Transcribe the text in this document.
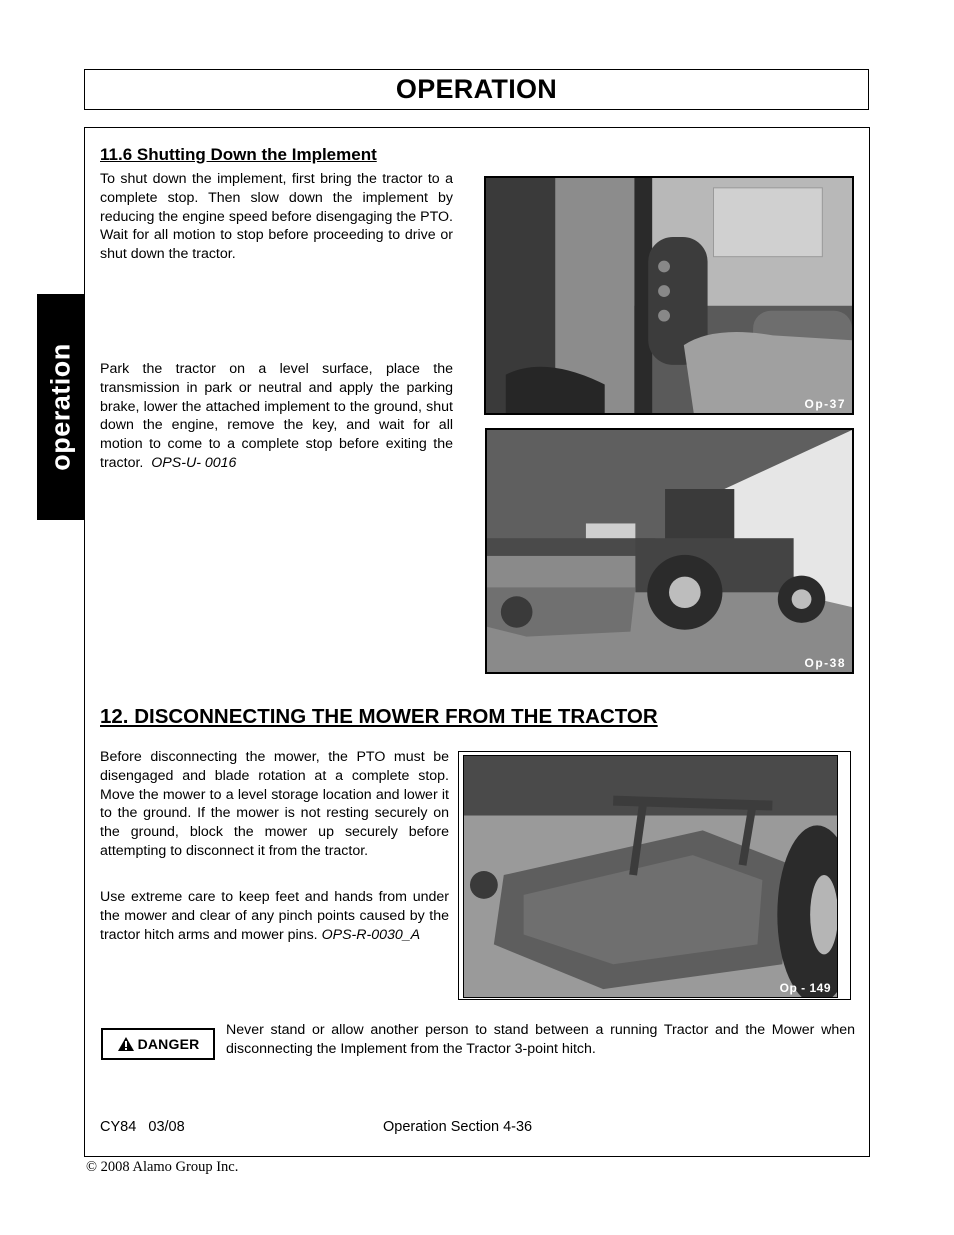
OPERATION
operation
11.6 Shutting Down the Implement
To shut down the implement, first bring the tractor to a complete stop. Then slow down the implement by reducing the engine speed before disengaging the PTO. Wait for all motion to stop before proceeding to drive or shut down the tractor.
Park the tractor on a level surface, place the transmission in park or neutral and apply the parking brake, lower the attached implement to the ground, shut down the engine, remove the key, and wait for all motion to come to a complete stop before exiting the tractor. OPS-U- 0016
Op-37
Op-38
12. DISCONNECTING THE MOWER FROM THE TRACTOR
Before disconnecting the mower, the PTO must be disengaged and blade rotation at a complete stop. Move the mower to a level storage location and lower it to the ground. If the mower is not resting securely on the ground, block the mower up securely before attempting to disconnect it from the tractor.
Use extreme care to keep feet and hands from under the mower and clear of any pinch points caused by the tractor hitch arms and mower pins. OPS-R-0030_A
Op - 149
DANGER
Never stand or allow another person to stand between a running Tractor and the Mower when disconnecting the Implement from the Tractor 3-point hitch.
CY84 03/08	Operation Section 4-36
© 2008 Alamo Group Inc.
